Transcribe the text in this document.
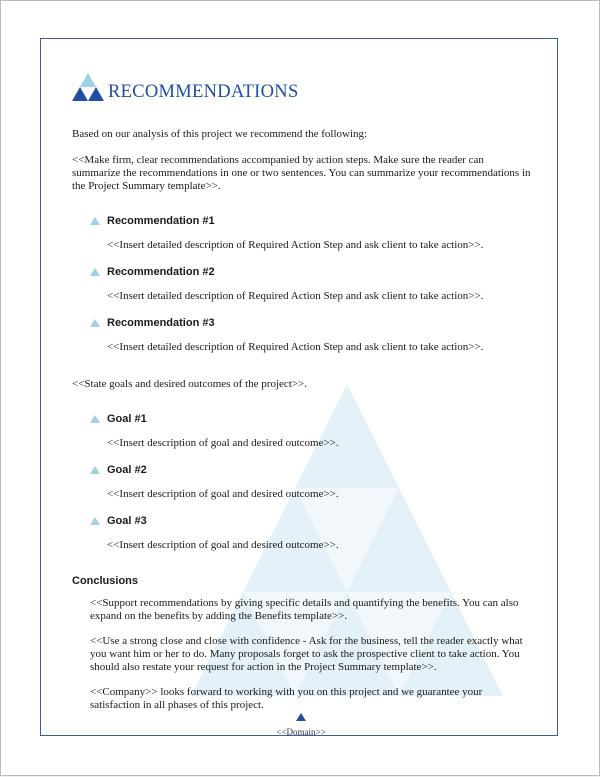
RECOMMENDATIONS

Based on our analysis of this project we recommend the following:

<<Make firm, clear recommendations accompanied by action steps. Make sure the reader can summarize the recommendations in one or two sentences. You can summarize your recommendations in the Project Summary template>>.

Recommendation #1

<<Insert detailed description of Required Action Step and ask client to take action>>.

Recommendation #2

<<Insert detailed description of Required Action Step and ask client to take action>>.

Recommendation #3

<<Insert detailed description of Required Action Step and ask client to take action>>.

<<State goals and desired outcomes of the project>>.

Goal #1

<<Insert description of goal and desired outcome>>.

Goal #2

<<Insert description of goal and desired outcome>>.

Goal #3

<<Insert description of goal and desired outcome>>.

Conclusions

<<Support recommendations by giving specific details and quantifying the benefits. You can also expand on the benefits by adding the Benefits template>>.

<<Use a strong close and close with confidence - Ask for the business, tell the reader exactly what you want him or her to do. Many proposals forget to ask the prospective client to take action. You should also restate your request for action in the Project Summary template>>.

<<Company>> looks forward to working with you on this project and we guarantee your satisfaction in all phases of this project.

<<Domain>>
